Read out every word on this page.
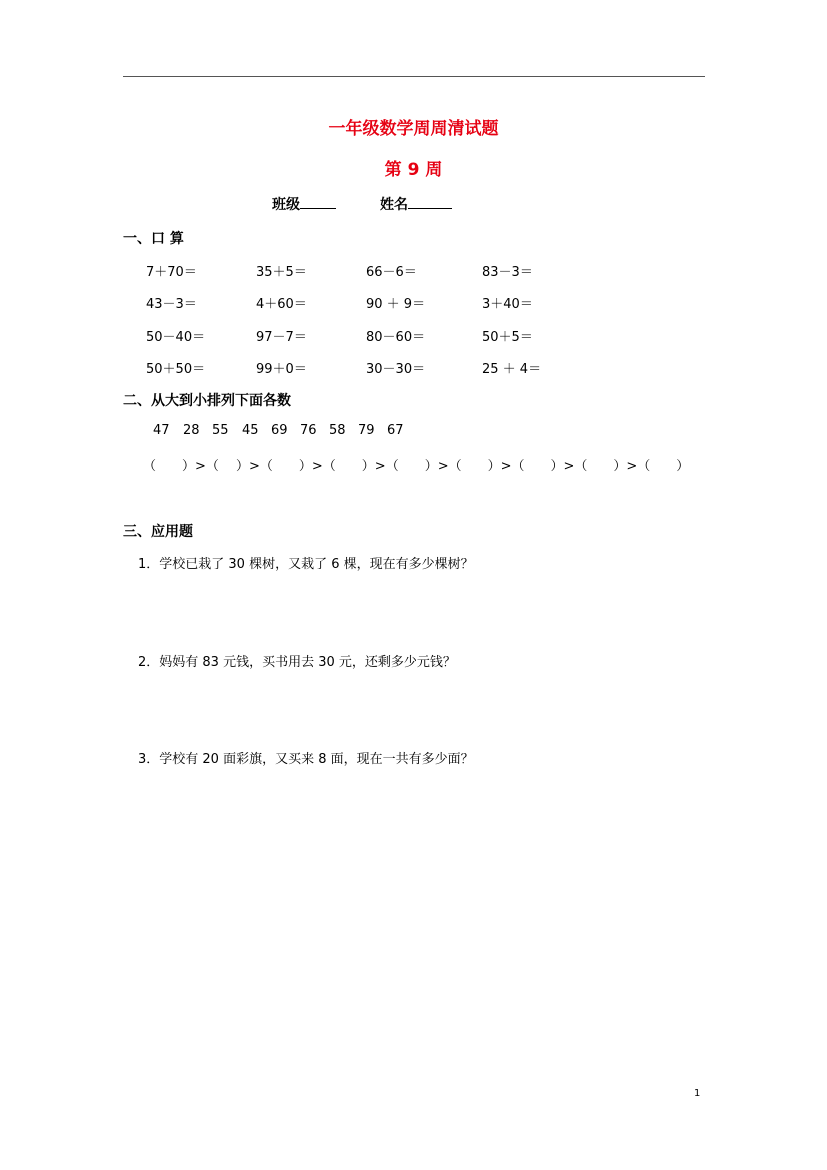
一年级数学周周清试题
第 9 周
班级	姓名
一、口 算
7＋70＝	35＋5＝	66－6＝	83－3＝
43－3＝	4＋60＝	90 ＋ 9＝	3＋40＝
50－40＝	97－7＝	80－60＝	50＋5＝
50＋50＝	99＋0＝	30－30＝	25 ＋ 4＝
二、从大到小排列下面各数
47 28 55 45 69 76 58 79 67
（　　）>（　 ）>（　　）>（　　）>（　　）>（　　）>（　　）>（　　）>（　　）
三、应用题
1．学校已栽了 30 棵树，又栽了 6 棵，现在有多少棵树？
2．妈妈有 83 元钱，买书用去 30 元，还剩多少元钱？
3．学校有 20 面彩旗，又买来 8 面，现在一共有多少面？
1
